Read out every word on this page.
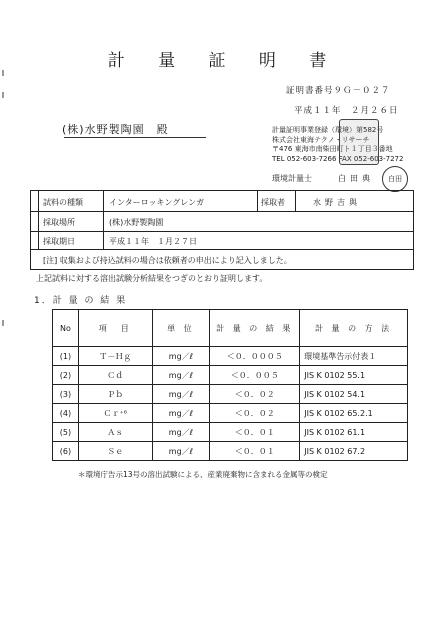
計 量 証 明 書
証明書番号９Ｇ－０２７
平成１１年　２月２６日
(株)水野製陶園　殿	計量証明事業登録（環境）第582号
株式会社東海テクノ・リサーチ
〒476 東海市南柴田町ト１丁目３番地
TEL 052-603-7266 FAX 052-603-7272
環境計量士	白田典	白田
試料の種類	インターロッキングレンガ	採取者	水野吉與
採取場所	(株)水野製陶園
採取期日	平成１１年　１月２７日
[注] 収集および持込試料の場合は依頼者の申出により記入しました。
上記試料に対する溶出試験分析結果をつぎのとおり証明します。
1．計 量 の 結 果
No	項　目	単 位	計 量 の 結 果	計 量 の 方 法
(1)	Ｔ－Ｈｇ	mg／ℓ	＜０．０００５	環境基準告示付表１
(2)	Ｃｄ	mg／ℓ	＜０．００５	JIS K 0102 55.1
(3)	Ｐｂ	mg／ℓ	＜０．０２	JIS K 0102 54.1
(4)	Ｃｒ⁺⁶	mg／ℓ	＜０．０２	JIS K 0102 65.2.1
(5)	Ａｓ	mg／ℓ	＜０．０１	JIS K 0102 61.1
(6)	Ｓｅ	mg／ℓ	＜０．０１	JIS K 0102 67.2
＊環境庁告示13号の溶出試験による、産業廃棄物に含まれる金属等の検定
